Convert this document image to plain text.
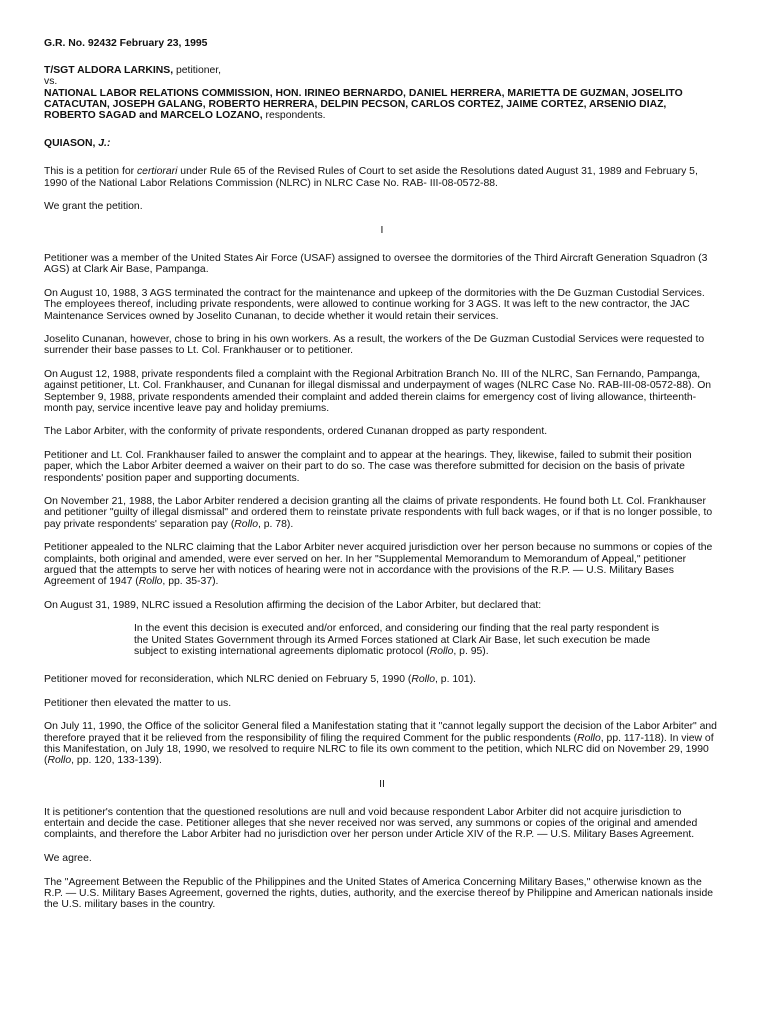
G.R. No. 92432 February 23, 1995
T/SGT ALDORA LARKINS, petitioner,
vs.
NATIONAL LABOR RELATIONS COMMISSION, HON. IRINEO BERNARDO, DANIEL HERRERA, MARIETTA DE GUZMAN, JOSELITO CATACUTAN, JOSEPH GALANG, ROBERTO HERRERA, DELPIN PECSON, CARLOS CORTEZ, JAIME CORTEZ, ARSENIO DIAZ, ROBERTO SAGAD and MARCELO LOZANO, respondents.
QUIASON, J.:

This is a petition for certiorari under Rule 65 of the Revised Rules of Court to set aside the Resolutions dated August 31, 1989 and February 5, 1990 of the National Labor Relations Commission (NLRC) in NLRC Case No. RAB- III-08-0572-88.

We grant the petition.

I

Petitioner was a member of the United States Air Force (USAF) assigned to oversee the dormitories of the Third Aircraft Generation Squadron (3 AGS) at Clark Air Base, Pampanga.

On August 10, 1988, 3 AGS terminated the contract for the maintenance and upkeep of the dormitories with the De Guzman Custodial Services. The employees thereof, including private respondents, were allowed to continue working for 3 AGS. It was left to the new contractor, the JAC Maintenance Services owned by Joselito Cunanan, to decide whether it would retain their services.

Joselito Cunanan, however, chose to bring in his own workers. As a result, the workers of the De Guzman Custodial Services were requested to surrender their base passes to Lt. Col. Frankhauser or to petitioner.

On August 12, 1988, private respondents filed a complaint with the Regional Arbitration Branch No. III of the NLRC, San Fernando, Pampanga, against petitioner, Lt. Col. Frankhauser, and Cunanan for illegal dismissal and underpayment of wages (NLRC Case No. RAB-III-08-0572-88). On September 9, 1988, private respondents amended their complaint and added therein claims for emergency cost of living allowance, thirteenth-month pay, service incentive leave pay and holiday premiums.

The Labor Arbiter, with the conformity of private respondents, ordered Cunanan dropped as party respondent.

Petitioner and Lt. Col. Frankhauser failed to answer the complaint and to appear at the hearings. They, likewise, failed to submit their position paper, which the Labor Arbiter deemed a waiver on their part to do so. The case was therefore submitted for decision on the basis of private respondents' position paper and supporting documents.

On November 21, 1988, the Labor Arbiter rendered a decision granting all the claims of private respondents. He found both Lt. Col. Frankhauser and petitioner "guilty of illegal dismissal" and ordered them to reinstate private respondents with full back wages, or if that is no longer possible, to pay private respondents' separation pay (Rollo, p. 78).

Petitioner appealed to the NLRC claiming that the Labor Arbiter never acquired jurisdiction over her person because no summons or copies of the complaints, both original and amended, were ever served on her. In her "Supplemental Memorandum to Memorandum of Appeal," petitioner argued that the attempts to serve her with notices of hearing were not in accordance with the provisions of the R.P. — U.S. Military Bases Agreement of 1947 (Rollo, pp. 35-37).

On August 31, 1989, NLRC issued a Resolution affirming the decision of the Labor Arbiter, but declared that:

In the event this decision is executed and/or enforced, and considering our finding that the real party respondent is the United States Government through its Armed Forces stationed at Clark Air Base, let such execution be made subject to existing international agreements diplomatic protocol (Rollo, p. 95).

Petitioner moved for reconsideration, which NLRC denied on February 5, 1990 (Rollo, p. 101).

Petitioner then elevated the matter to us.

On July 11, 1990, the Office of the solicitor General filed a Manifestation stating that it "cannot legally support the decision of the Labor Arbiter" and therefore prayed that it be relieved from the responsibility of filing the required Comment for the public respondents (Rollo, pp. 117-118). In view of this Manifestation, on July 18, 1990, we resolved to require NLRC to file its own comment to the petition, which NLRC did on November 29, 1990 (Rollo, pp. 120, 133-139).

II

It is petitioner's contention that the questioned resolutions are null and void because respondent Labor Arbiter did not acquire jurisdiction to entertain and decide the case. Petitioner alleges that she never received nor was served, any summons or copies of the original and amended complaints, and therefore the Labor Arbiter had no jurisdiction over her person under Article XIV of the R.P. — U.S. Military Bases Agreement.

We agree.

The "Agreement Between the Republic of the Philippines and the United States of America Concerning Military Bases," otherwise known as the R.P. — U.S. Military Bases Agreement, governed the rights, duties, authority, and the exercise thereof by Philippine and American nationals inside the U.S. military bases in the country.
